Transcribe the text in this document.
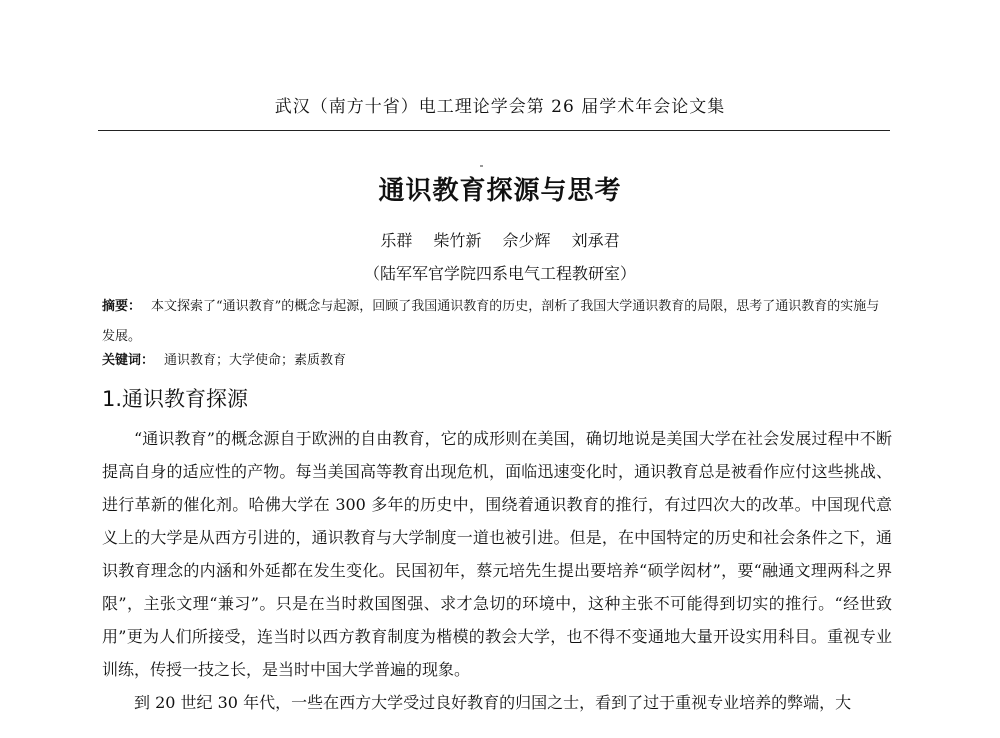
武汉（南方十省）电工理论学会第 26 届学术年会论文集
通识教育探源与思考
乐群 柴竹新 佘少辉 刘承君
（陆军军官学院四系电气工程教研室）
摘要： 本文探索了“通识教育”的概念与起源，回顾了我国通识教育的历史，剖析了我国大学通识教育的局限，思考了通识教育的实施与发展。
关键词： 通识教育；大学使命；素质教育
1.通识教育探源

“通识教育”的概念源自于欧洲的自由教育，它的成形则在美国，确切地说是美国大学在社会发展过程中不断提高自身的适应性的产物。每当美国高等教育出现危机，面临迅速变化时，通识教育总是被看作应付这些挑战、进行革新的催化剂。哈佛大学在 300 多年的历史中，围绕着通识教育的推行，有过四次大的改革。中国现代意义上的大学是从西方引进的，通识教育与大学制度一道也被引进。但是，在中国特定的历史和社会条件之下，通识教育理念的内涵和外延都在发生变化。民国初年，蔡元培先生提出要培养“硕学闳材”，要“融通文理两科之界限”，主张文理“兼习”。只是在当时救国图强、求才急切的环境中，这种主张不可能得到切实的推行。“经世致用”更为人们所接受，连当时以西方教育制度为楷模的教会大学，也不得不变通地大量开设实用科目。重视专业训练，传授一技之长，是当时中国大学普遍的现象。

到 20 世纪 30 年代，一些在西方大学受过良好教育的归国之士，看到了过于重视专业培养的弊端，大
